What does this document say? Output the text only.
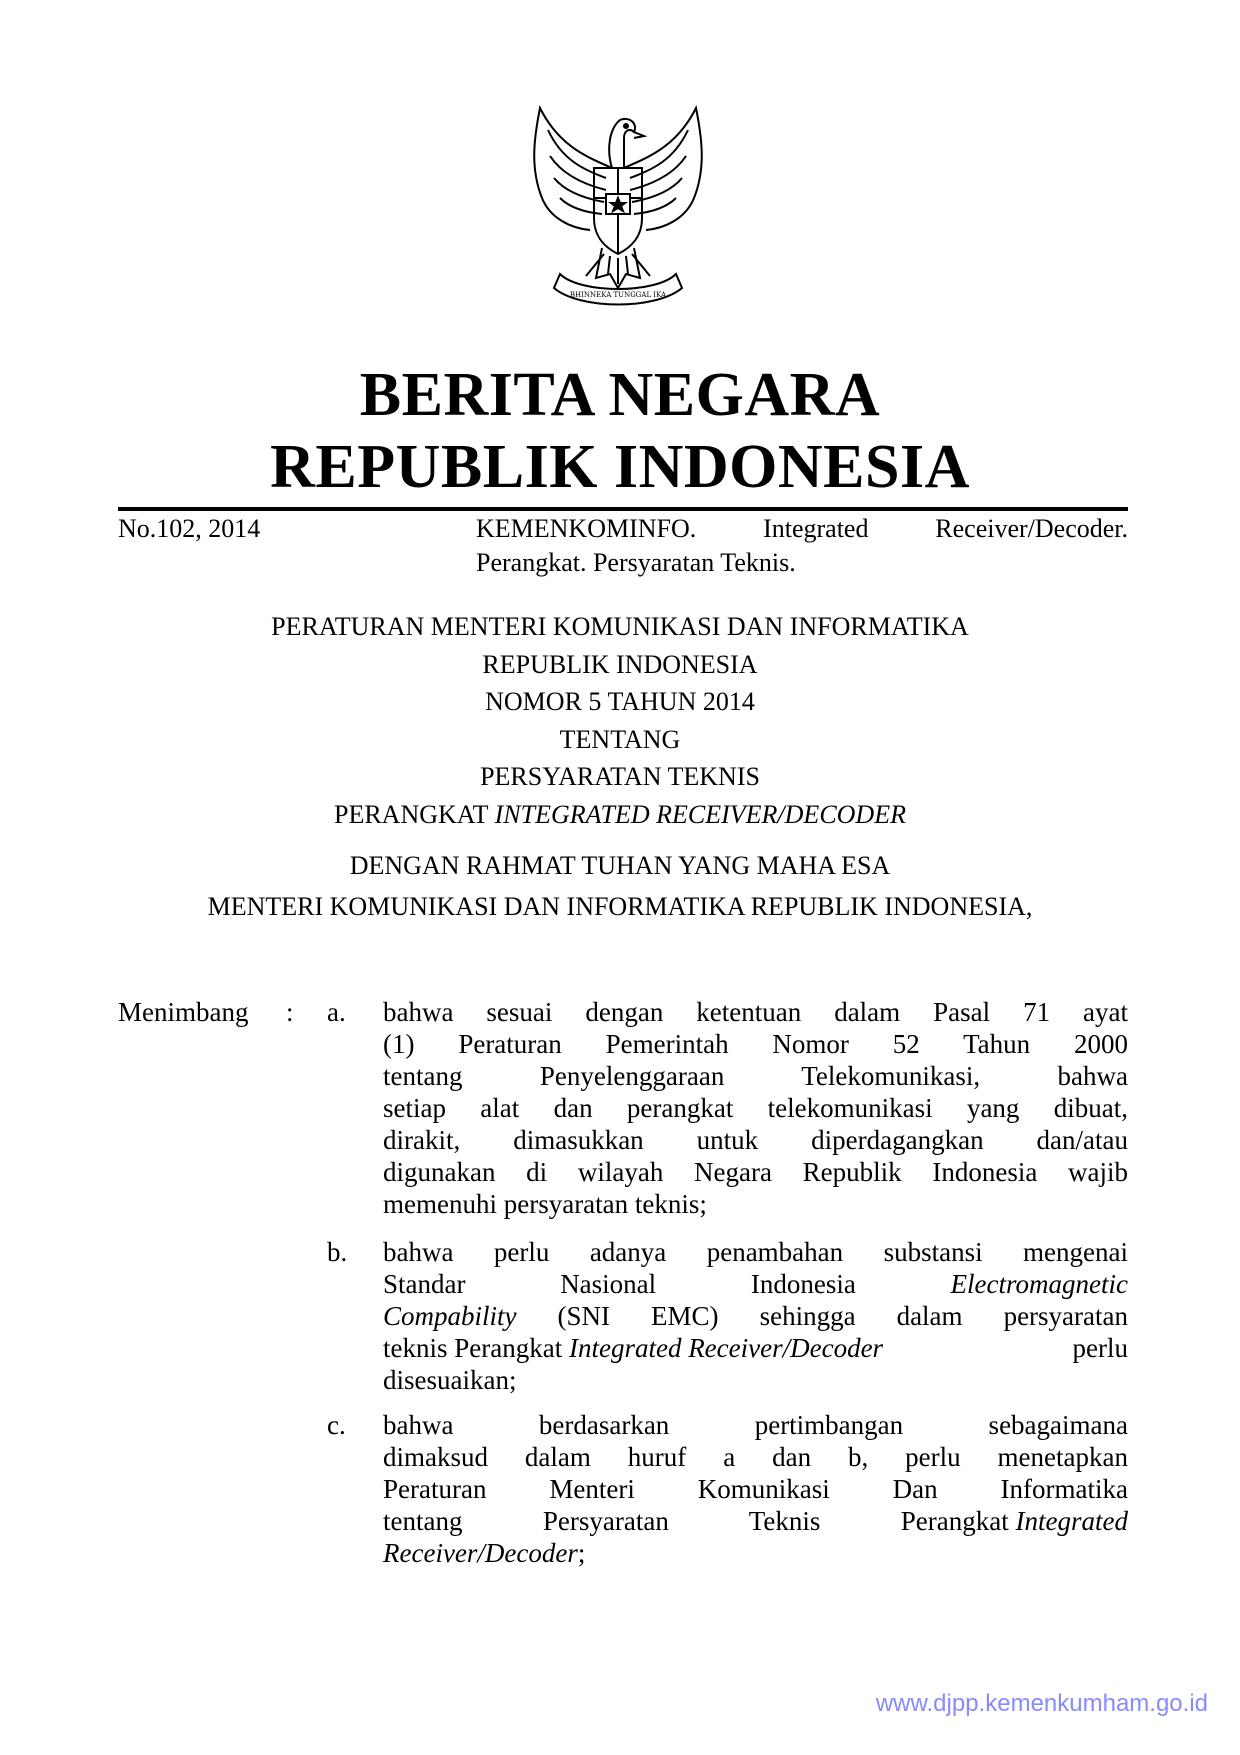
BHINNEKA TUNGGAL IKA
BERITA NEGARA
REPUBLIK INDONESIA
No.102, 2014	KEMENKOMINFO. Integrated Receiver/Decoder.
Perangkat. Persyaratan Teknis.
PERATURAN MENTERI KOMUNIKASI DAN INFORMATIKA
REPUBLIK INDONESIA
NOMOR 5 TAHUN 2014
TENTANG
PERSYARATAN TEKNIS
PERANGKAT INTEGRATED RECEIVER/DECODER
DENGAN RAHMAT TUHAN YANG MAHA ESA
MENTERI KOMUNIKASI DAN INFORMATIKA REPUBLIK INDONESIA,
Menimbang : a. bahwa sesuai dengan ketentuan dalam Pasal 71 ayat
(1) Peraturan Pemerintah Nomor 52 Tahun 2000
tentang Penyelenggaraan Telekomunikasi, bahwa
setiap alat dan perangkat telekomunikasi yang dibuat,
dirakit, dimasukkan untuk diperdagangkan dan/atau
digunakan di wilayah Negara Republik Indonesia wajib
memenuhi persyaratan teknis;
b. bahwa perlu adanya penambahan substansi mengenai
Standar	Nasional	Indonesia	Electromagnetic
Compability (SNI EMC) sehingga dalam persyaratan
teknis Perangkat Integrated Receiver/Decoder	perlu
disesuaikan;
c. bahwa berdasarkan pertimbangan sebagaimana
dimaksud dalam huruf a dan b, perlu menetapkan
Peraturan Menteri Komunikasi Dan Informatika
tentang Persyaratan Teknis Perangkat Integrated
Receiver/Decoder;
www.djpp.kemenkumham.go.id
